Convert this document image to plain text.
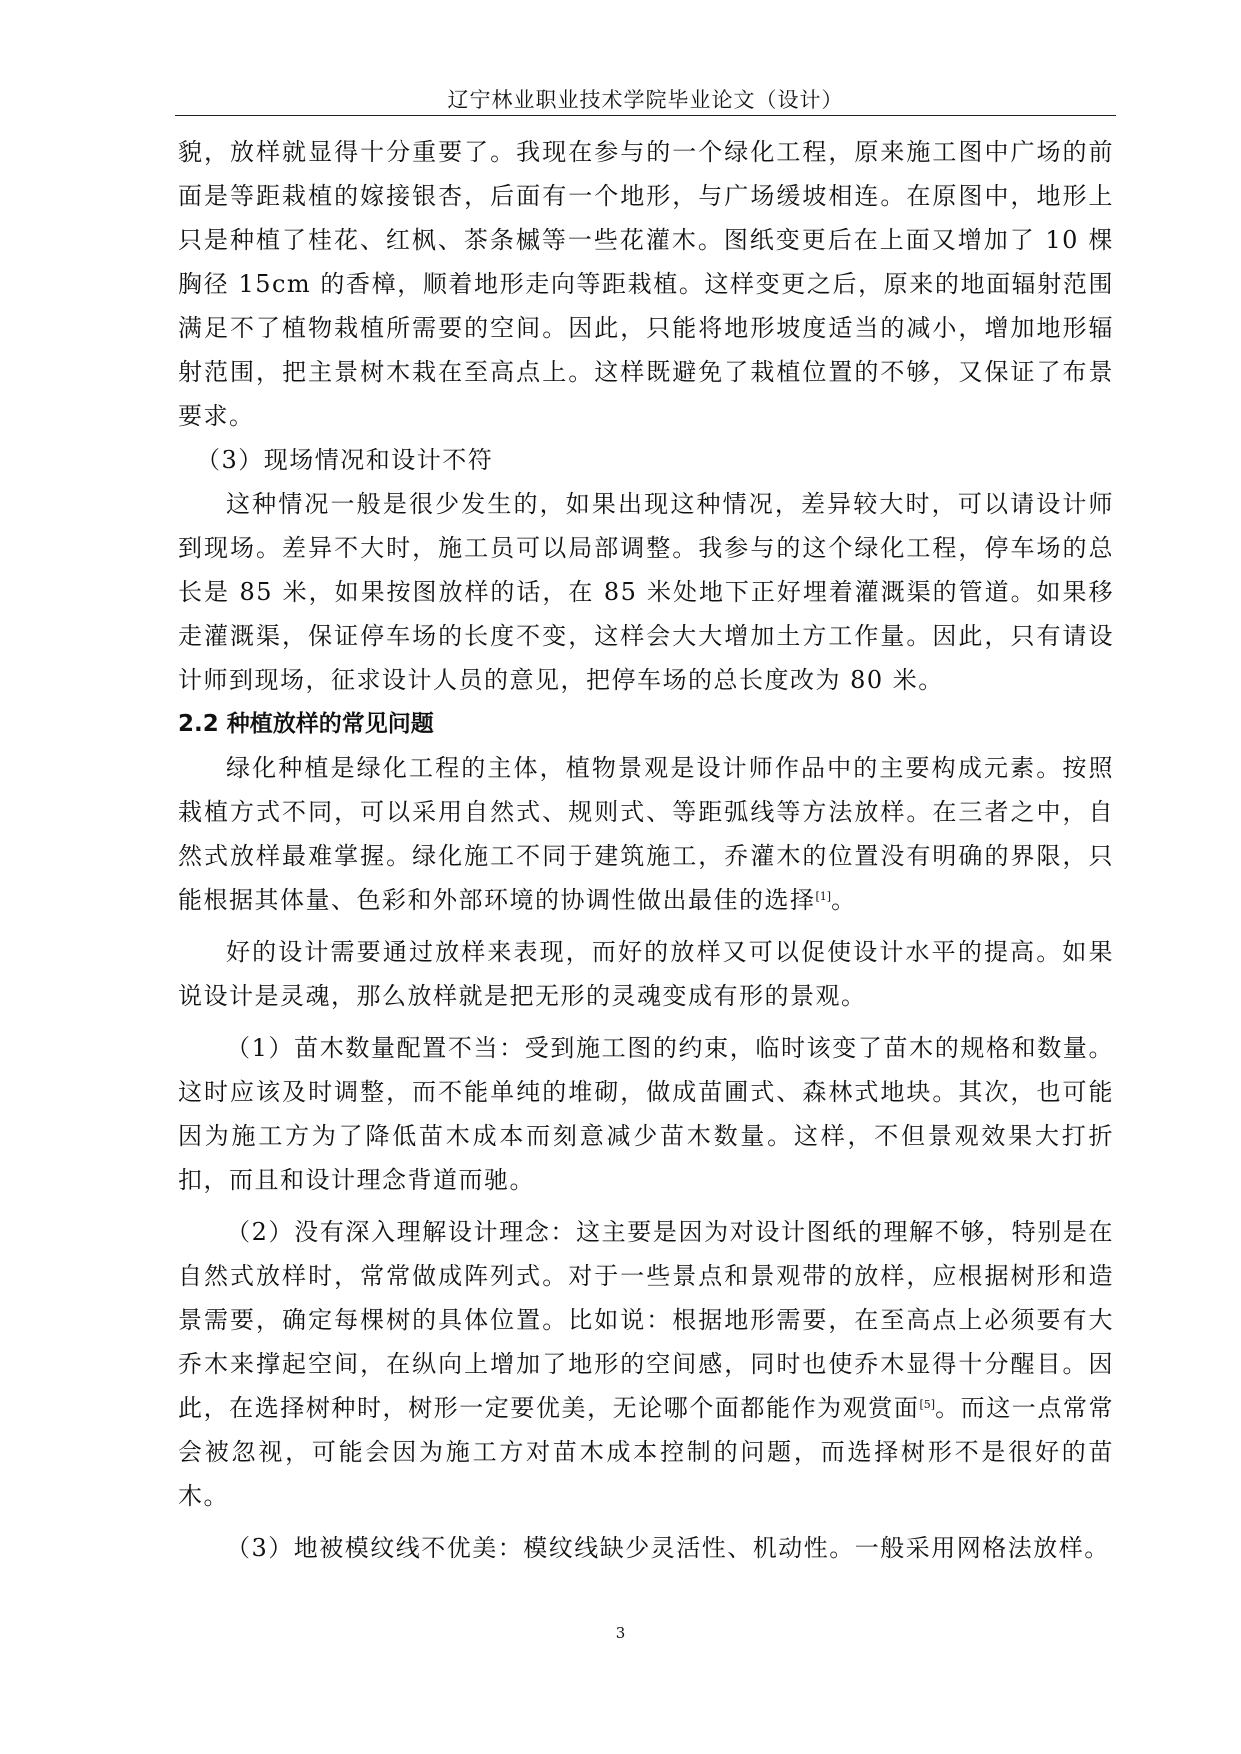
辽宁林业职业技术学院毕业论文（设计）

貌，放样就显得十分重要了。我现在参与的一个绿化工程，原来施工图中广场的前面是等距栽植的嫁接银杏，后面有一个地形，与广场缓坡相连。在原图中，地形上只是种植了桂花、红枫、茶条槭等一些花灌木。图纸变更后在上面又增加了 10 棵胸径 15cm 的香樟，顺着地形走向等距栽植。这样变更之后，原来的地面辐射范围满足不了植物栽植所需要的空间。因此，只能将地形坡度适当的减小，增加地形辐射范围，把主景树木栽在至高点上。这样既避免了栽植位置的不够，又保证了布景要求。

（3）现场情况和设计不符

这种情况一般是很少发生的，如果出现这种情况，差异较大时，可以请设计师到现场。差异不大时，施工员可以局部调整。我参与的这个绿化工程，停车场的总长是 85 米，如果按图放样的话，在 85 米处地下正好埋着灌溉渠的管道。如果移走灌溉渠，保证停车场的长度不变，这样会大大增加土方工作量。因此，只有请设计师到现场，征求设计人员的意见，把停车场的总长度改为 80 米。

2.2 种植放样的常见问题

绿化种植是绿化工程的主体，植物景观是设计师作品中的主要构成元素。按照栽植方式不同，可以采用自然式、规则式、等距弧线等方法放样。在三者之中，自然式放样最难掌握。绿化施工不同于建筑施工，乔灌木的位置没有明确的界限，只能根据其体量、色彩和外部环境的协调性做出最佳的选择[1]。

好的设计需要通过放样来表现，而好的放样又可以促使设计水平的提高。如果说设计是灵魂，那么放样就是把无形的灵魂变成有形的景观。

（1）苗木数量配置不当：受到施工图的约束，临时该变了苗木的规格和数量。这时应该及时调整，而不能单纯的堆砌，做成苗圃式、森林式地块。其次，也可能因为施工方为了降低苗木成本而刻意减少苗木数量。这样，不但景观效果大打折扣，而且和设计理念背道而驰。

（2）没有深入理解设计理念：这主要是因为对设计图纸的理解不够，特别是在自然式放样时，常常做成阵列式。对于一些景点和景观带的放样，应根据树形和造景需要，确定每棵树的具体位置。比如说：根据地形需要，在至高点上必须要有大乔木来撑起空间，在纵向上增加了地形的空间感，同时也使乔木显得十分醒目。因此，在选择树种时，树形一定要优美，无论哪个面都能作为观赏面[5]。而这一点常常会被忽视，可能会因为施工方对苗木成本控制的问题，而选择树形不是很好的苗木。

（3）地被模纹线不优美：模纹线缺少灵活性、机动性。一般采用网格法放样。

3
